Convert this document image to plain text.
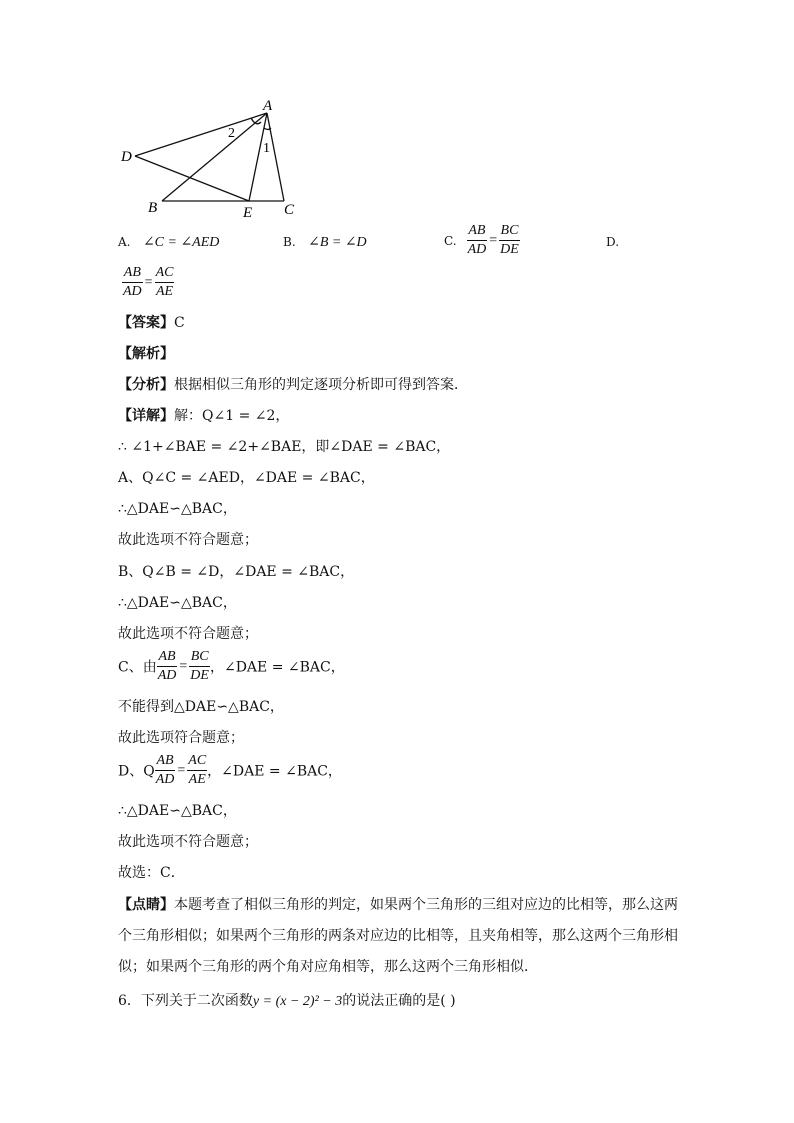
A
D
B	E C
2
1
A. ∠C = ∠AED	B. ∠B = ∠D	C. $\frac{AB}{AD} = \frac{BC}{DE}$	D.
$\frac{AB}{AD} = \frac{AC}{AE}$
【答案】C
【解析】
【分析】根据相似三角形的判定逐项分析即可得到答案．
【详解】解：Q∠1 = ∠2，
∴ ∠1+∠BAE = ∠2+∠BAE，即∠DAE = ∠BAC，
A、Q∠C = ∠AED，∠DAE = ∠BAC，
∴△DAE∽△BAC，
故此选项不符合题意；
B、Q∠B = ∠D，∠DAE = ∠BAC，
∴△DAE∽△BAC，
故此选项不符合题意；
C、由 $\frac{AB}{AD} = \frac{BC}{DE}$ ，∠DAE = ∠BAC，
不能得到△DAE∽△BAC，
故此选项符合题意；
D、Q $\frac{AB}{AD} = \frac{AC}{AE}$ ，∠DAE = ∠BAC，
∴△DAE∽△BAC，
故此选项不符合题意；
故选：C．
【点睛】本题考查了相似三角形的判定，如果两个三角形的三组对应边的比相等，那么这两
个三角形相似；如果两个三角形的两条对应边的比相等，且夹角相等，那么这两个三角形相
似；如果两个三角形的两个角对应角相等，那么这两个三角形相似．
6．下列关于二次函数y = (x − 2)² − 3的说法正确的是( )
